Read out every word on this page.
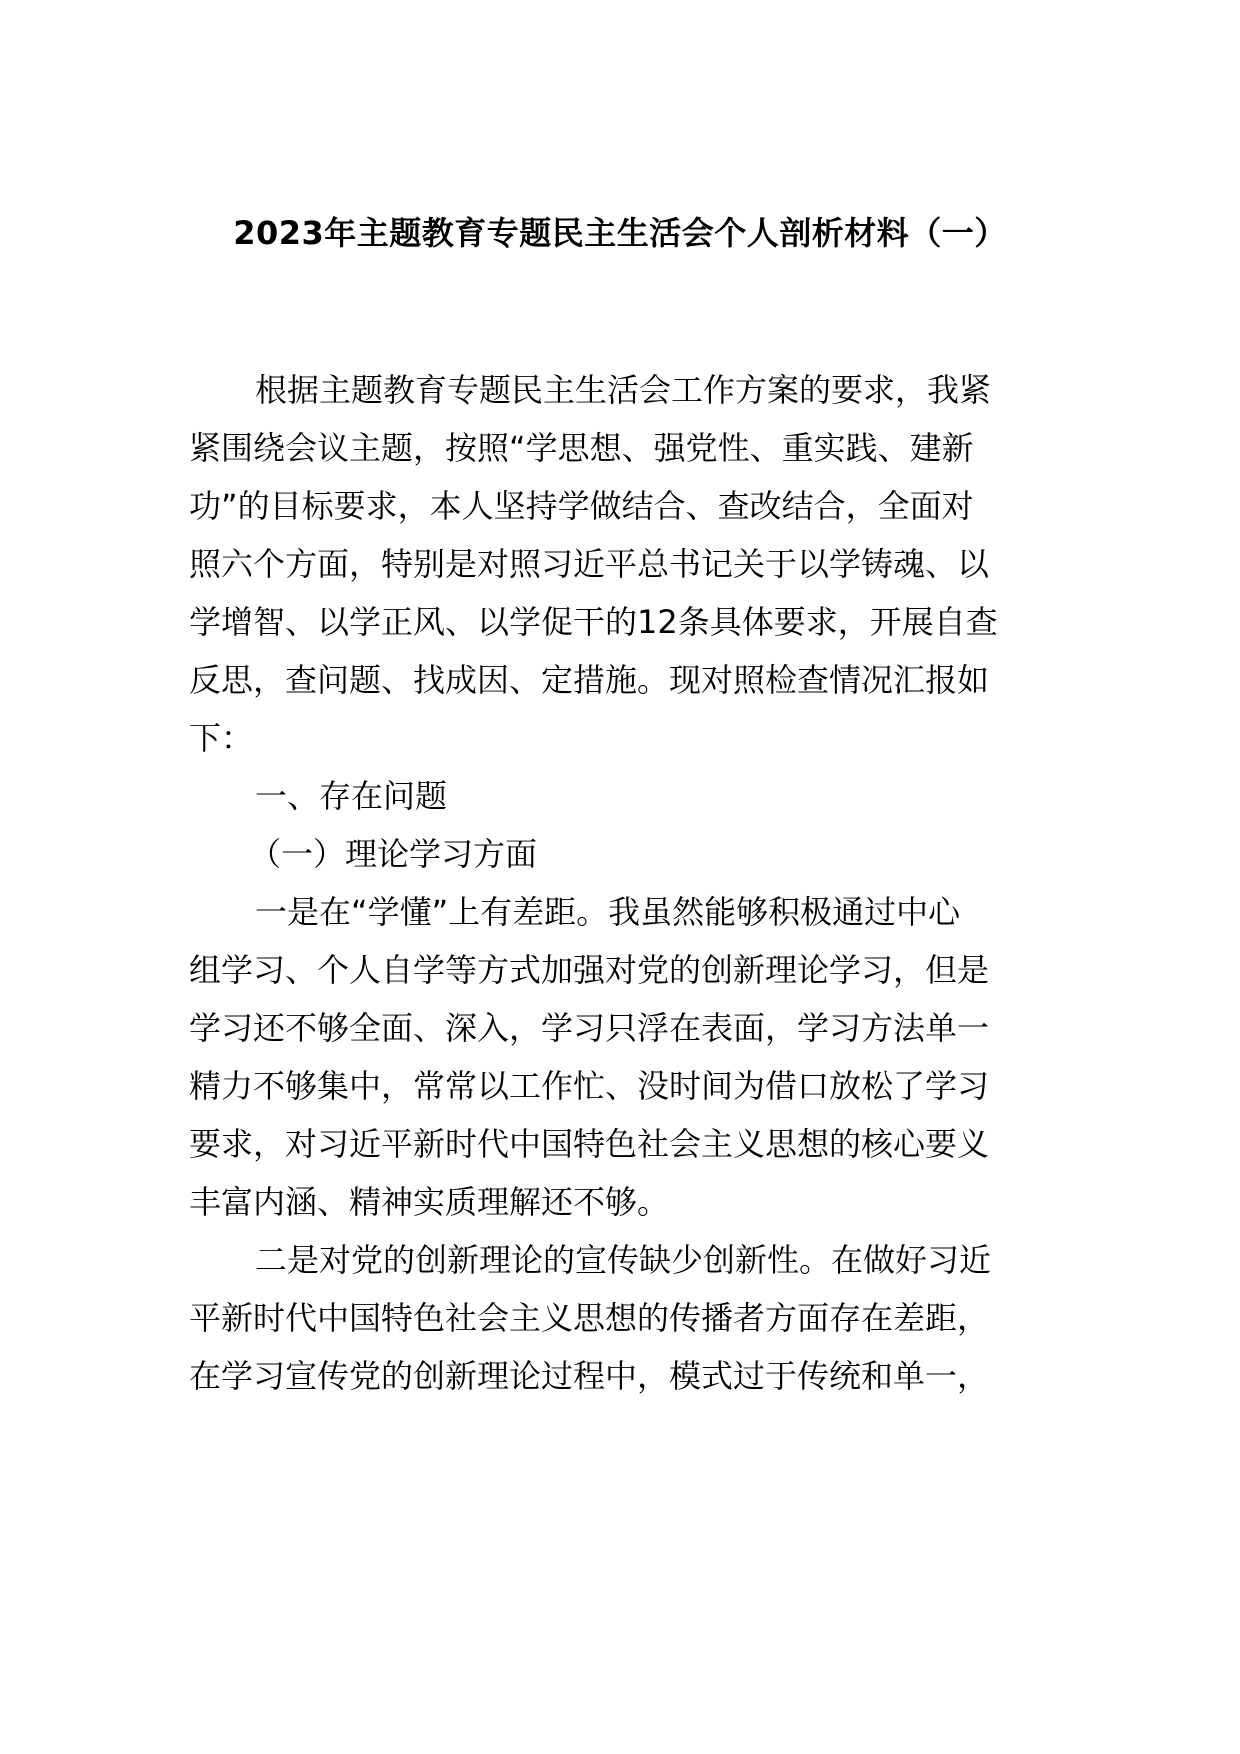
2023年主题教育专题民主生活会个人剖析材料（一）
根据主题教育专题民主生活会工作方案的要求，我紧
紧围绕会议主题，按照“学思想、强党性、重实践、建新
功”的目标要求，本人坚持学做结合、查改结合，全面对
照六个方面，特别是对照习近平总书记关于以学铸魂、以
学增智、以学正风、以学促干的12条具体要求，开展自查
反思，查问题、找成因、定措施。现对照检查情况汇报如
下：
一、存在问题
（一）理论学习方面
一是在“学懂”上有差距。我虽然能够积极通过中心
组学习、个人自学等方式加强对党的创新理论学习，但是
学习还不够全面、深入，学习只浮在表面，学习方法单一
精力不够集中，常常以工作忙、没时间为借口放松了学习
要求，对习近平新时代中国特色社会主义思想的核心要义
丰富内涵、精神实质理解还不够。
二是对党的创新理论的宣传缺少创新性。在做好习近
平新时代中国特色社会主义思想的传播者方面存在差距，
在学习宣传党的创新理论过程中，模式过于传统和单一，
